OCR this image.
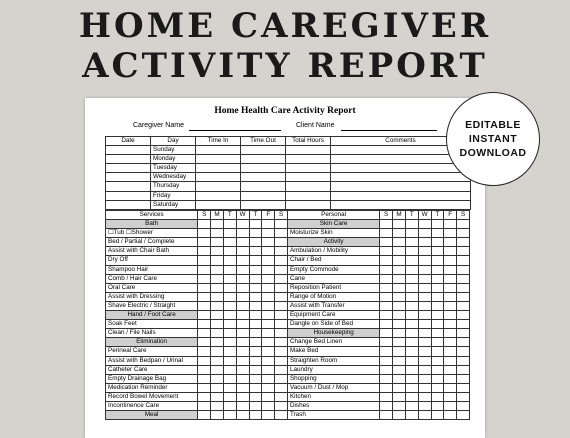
HOME CAREGIVER
ACTIVITY REPORT
Home Health Care Activity Report
Caregiver Name	Client Name
Date	Day	Time In	Time Out	Total Hours	Comments
	Sunday				
	Monday				
	Tuesday				
	Wednesday				
	Thursday				
	Friday				
	Saturday				
Services	S	M	T	W	T	F	S	Personal	S	M	T	W	T	F	S
Bath								Skin Care							
☐Tub ☐Shower								Moisturize Skin							
Bed / Partial / Complete								Activity							
Assist with Chair Bath								Ambulation / Mobility							
Dry Off								Chair / Bed							
Shampoo Hair								Empty Commode							
Comb / Hair Care								Cane							
Oral Care								Reposition Patient							
Assist with Dressing								Range of Motion							
Shave Electric / Straight								Assist with Transfer							
Hand / Foot Care								Equipment Care							
Soak Feet								Dangle on Side of Bed							
Clean / File Nails								Housekeeping							
Elimination								Change Bed Linen							
Perineal Care								Make Bed							
Assist with Bedpan / Urinal								Straighten Room							
Catheter Care								Laundry							
Empty Drainage Bag								Shopping							
Medication Reminder								Vacuum / Dust / Mop							
Record Bowel Movement								Kitchen							
Incontinence Care								Dishes							
Meal								Trash							
EDITABLE
INSTANT
DOWNLOAD
